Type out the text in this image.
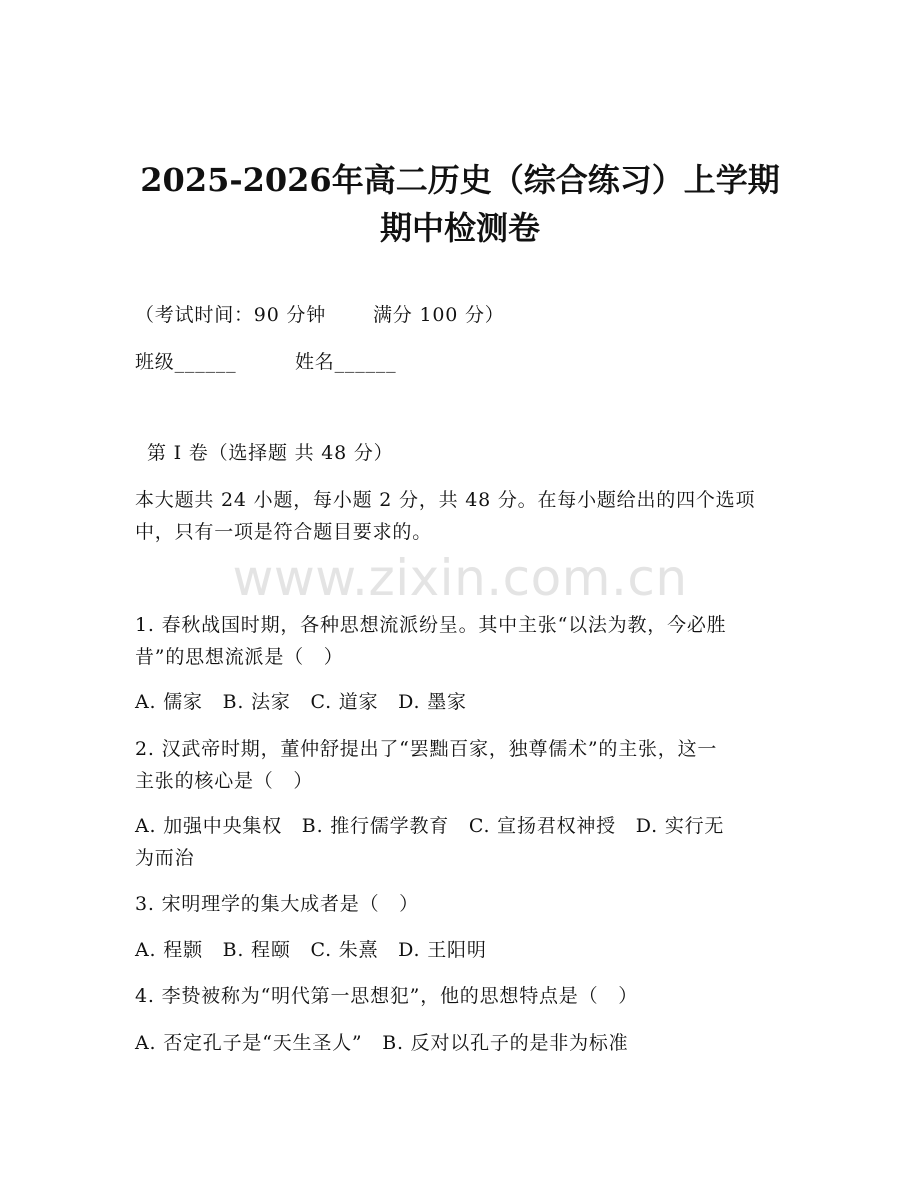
2025-2026年高二历史（综合练习）上学期
期中检测卷
（考试时间：90 分钟 满分 100 分）
班级______	姓名______
第 I 卷（选择题 共 48 分）
本大题共 24 小题，每小题 2 分，共 48 分。在每小题给出的四个选项
中，只有一项是符合题目要求的。
www.zixin.com.cn
1. 春秋战国时期，各种思想流派纷呈。其中主张“以法为教，今必胜
昔”的思想流派是（　）
A. 儒家　B. 法家　C. 道家　D. 墨家
2. 汉武帝时期，董仲舒提出了“罢黜百家，独尊儒术”的主张，这一
主张的核心是（　）
A. 加强中央集权　B. 推行儒学教育　C. 宣扬君权神授　D. 实行无
为而治
3. 宋明理学的集大成者是（　）
A. 程颢　B. 程颐　C. 朱熹　D. 王阳明
4. 李贽被称为“明代第一思想犯”，他的思想特点是（　）
A. 否定孔子是“天生圣人”　B. 反对以孔子的是非为标准
